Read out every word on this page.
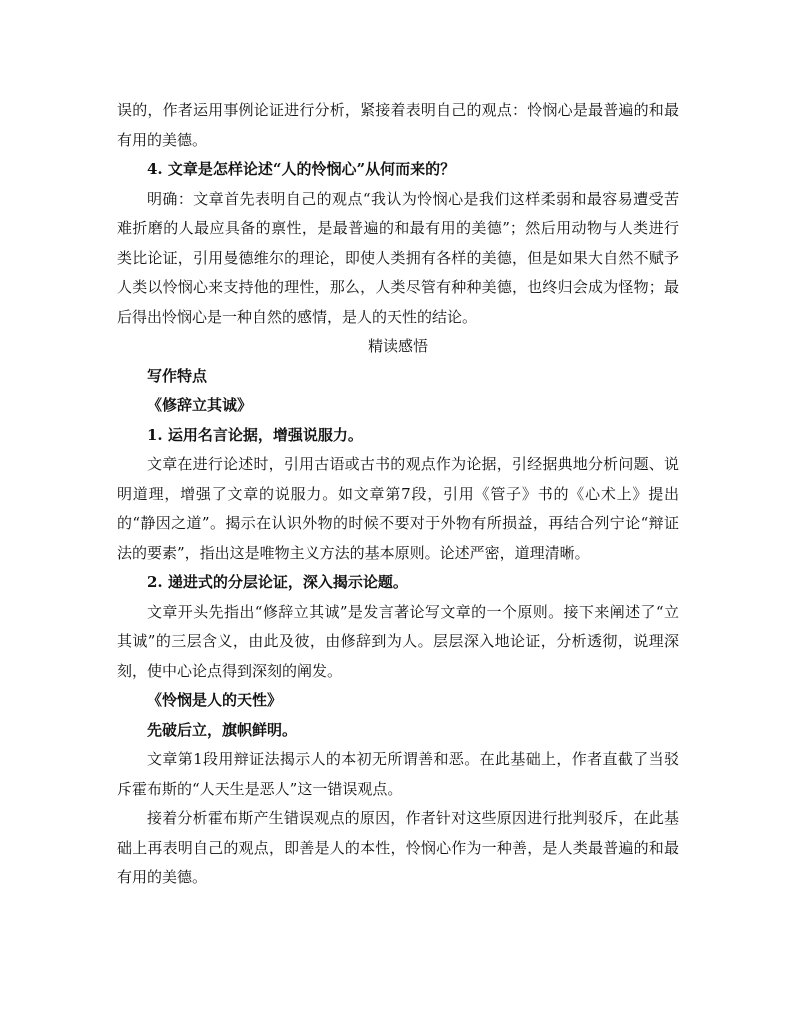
误的，作者运用事例论证进行分析，紧接着表明自己的观点：怜悯心是最普遍的和最有用的美德。

4. 文章是怎样论述“人的怜悯心”从何而来的？

明确：文章首先表明自己的观点“我认为怜悯心是我们这样柔弱和最容易遭受苦难折磨的人最应具备的禀性，是最普遍的和最有用的美德”；然后用动物与人类进行类比论证，引用曼德维尔的理论，即使人类拥有各样的美德，但是如果大自然不赋予人类以怜悯心来支持他的理性，那么，人类尽管有种种美德，也终归会成为怪物；最后得出怜悯心是一种自然的感情，是人的天性的结论。

精读感悟

写作特点

《修辞立其诚》

1. 运用名言论据，增强说服力。

文章在进行论述时，引用古语或古书的观点作为论据，引经据典地分析问题、说明道理，增强了文章的说服力。如文章第7段，引用《管子》书的《心术上》提出的“静因之道”。揭示在认识外物的时候不要对于外物有所损益，再结合列宁论“辩证法的要素”，指出这是唯物主义方法的基本原则。论述严密，道理清晰。

2. 递进式的分层论证，深入揭示论题。

文章开头先指出“修辞立其诚”是发言著论写文章的一个原则。接下来阐述了“立其诚”的三层含义，由此及彼，由修辞到为人。层层深入地论证，分析透彻，说理深刻，使中心论点得到深刻的阐发。

《怜悯是人的天性》

先破后立，旗帜鲜明。

文章第1段用辩证法揭示人的本初无所谓善和恶。在此基础上，作者直截了当驳斥霍布斯的“人天生是恶人”这一错误观点。

接着分析霍布斯产生错误观点的原因，作者针对这些原因进行批判驳斥，在此基础上再表明自己的观点，即善是人的本性，怜悯心作为一种善，是人类最普遍的和最有用的美德。
